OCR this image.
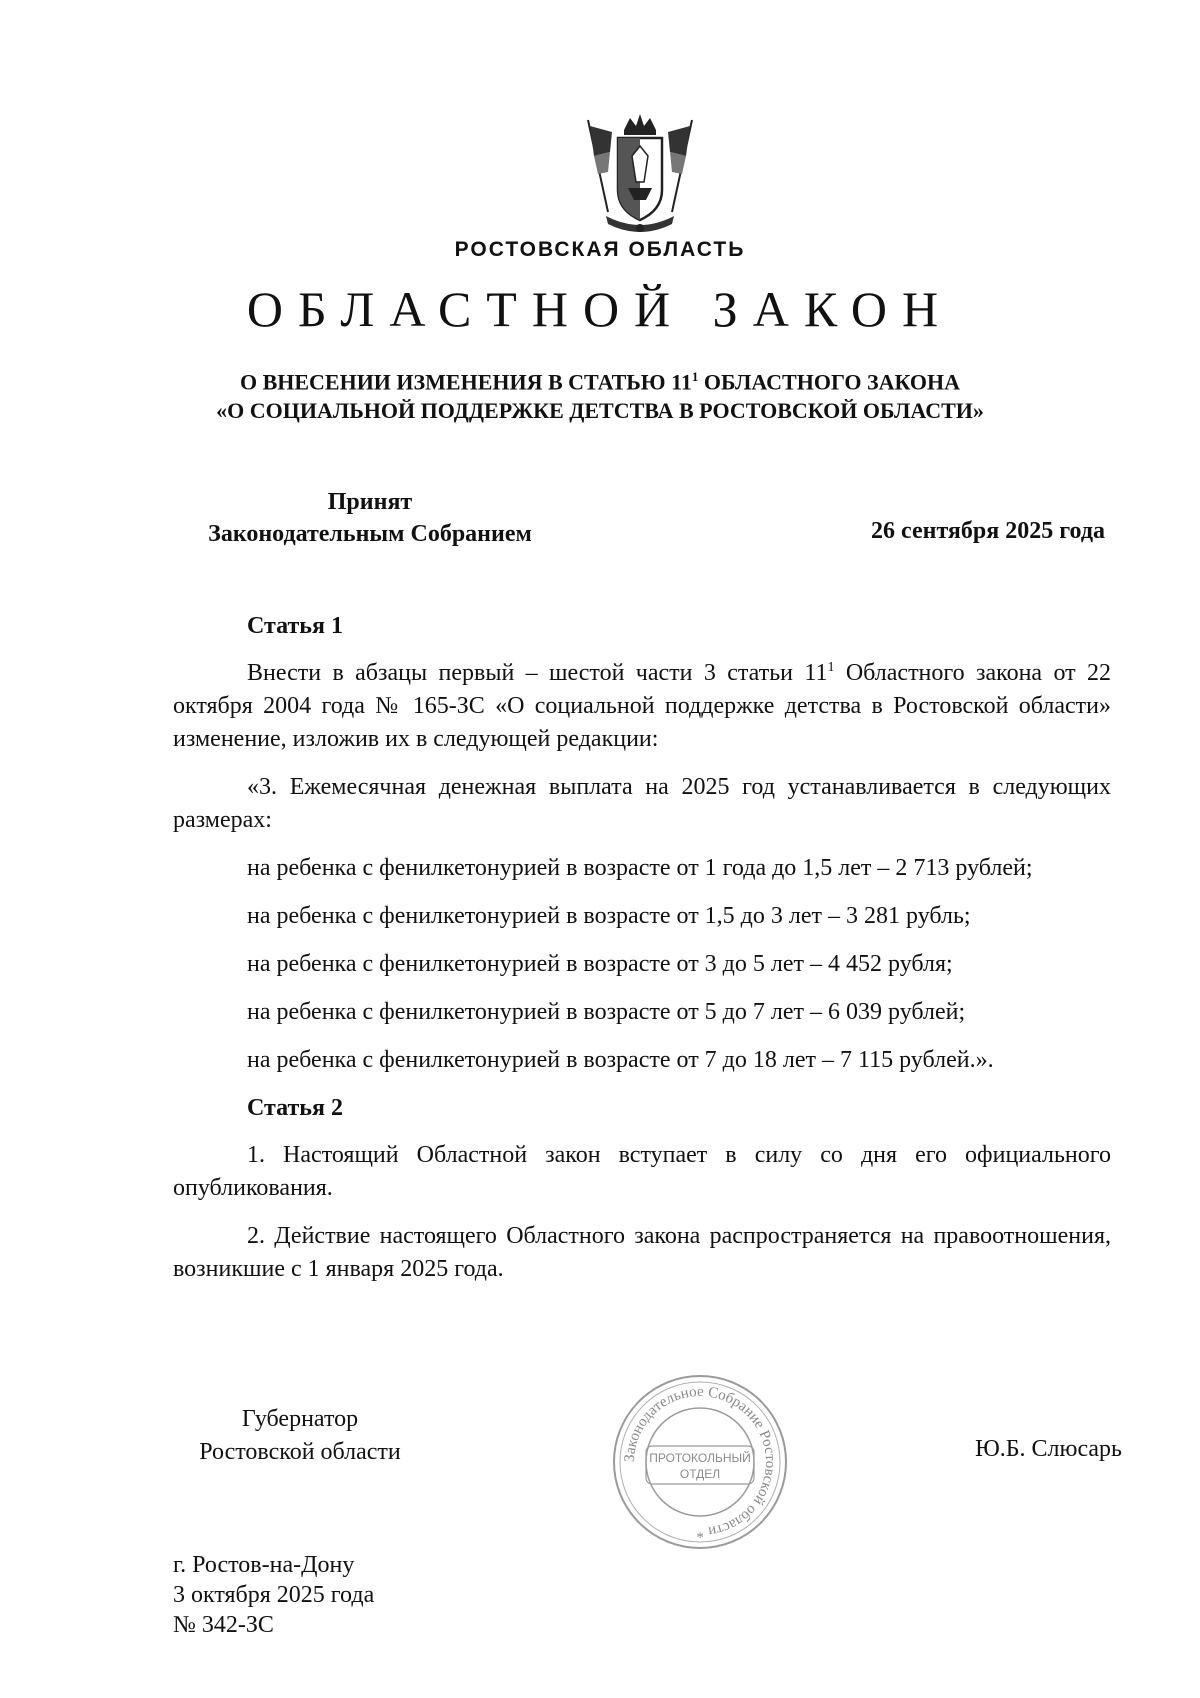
РОСТОВСКАЯ ОБЛАСТЬ
ОБЛАСТНОЙ ЗАКОН
О ВНЕСЕНИИ ИЗМЕНЕНИЯ В СТАТЬЮ $11^1$ ОБЛАСТНОГО ЗАКОНА
«О СОЦИАЛЬНОЙ ПОДДЕРЖКЕ ДЕТСТВА В РОСТОВСКОЙ ОБЛАСТИ»
Принят
Законодательным Собранием	26 сентября 2025 года
Статья 1
Внести в абзацы первый – шестой части 3 статьи $11^1$ Областного закона от 22 октября 2004 года № 165-ЗС «О социальной поддержке детства в Ростовской области» изменение, изложив их в следующей редакции:
«3. Ежемесячная денежная выплата на 2025 год устанавливается в следующих размерах:
на ребенка с фенилкетонурией в возрасте от 1 года до 1,5 лет – 2 713 рублей;
на ребенка с фенилкетонурией в возрасте от 1,5 до 3 лет – 3 281 рубль;
на ребенка с фенилкетонурией в возрасте от 3 до 5 лет – 4 452 рубля;
на ребенка с фенилкетонурией в возрасте от 5 до 7 лет – 6 039 рублей;
на ребенка с фенилкетонурией в возрасте от 7 до 18 лет – 7 115 рублей.».
Статья 2
1. Настоящий Областной закон вступает в силу со дня его официального опубликования.
2. Действие настоящего Областного закона распространяется на правоотношения, возникшие с 1 января 2025 года.
Губернатор
Ростовской области	Законодательное Собрание Ростовской области *
ПРОТОКОЛЬНЫЙ
ОТДЕЛ
Ю.Б. Слюсарь
г. Ростов-на-Дону
3 октября 2025 года
№ 342-ЗС
